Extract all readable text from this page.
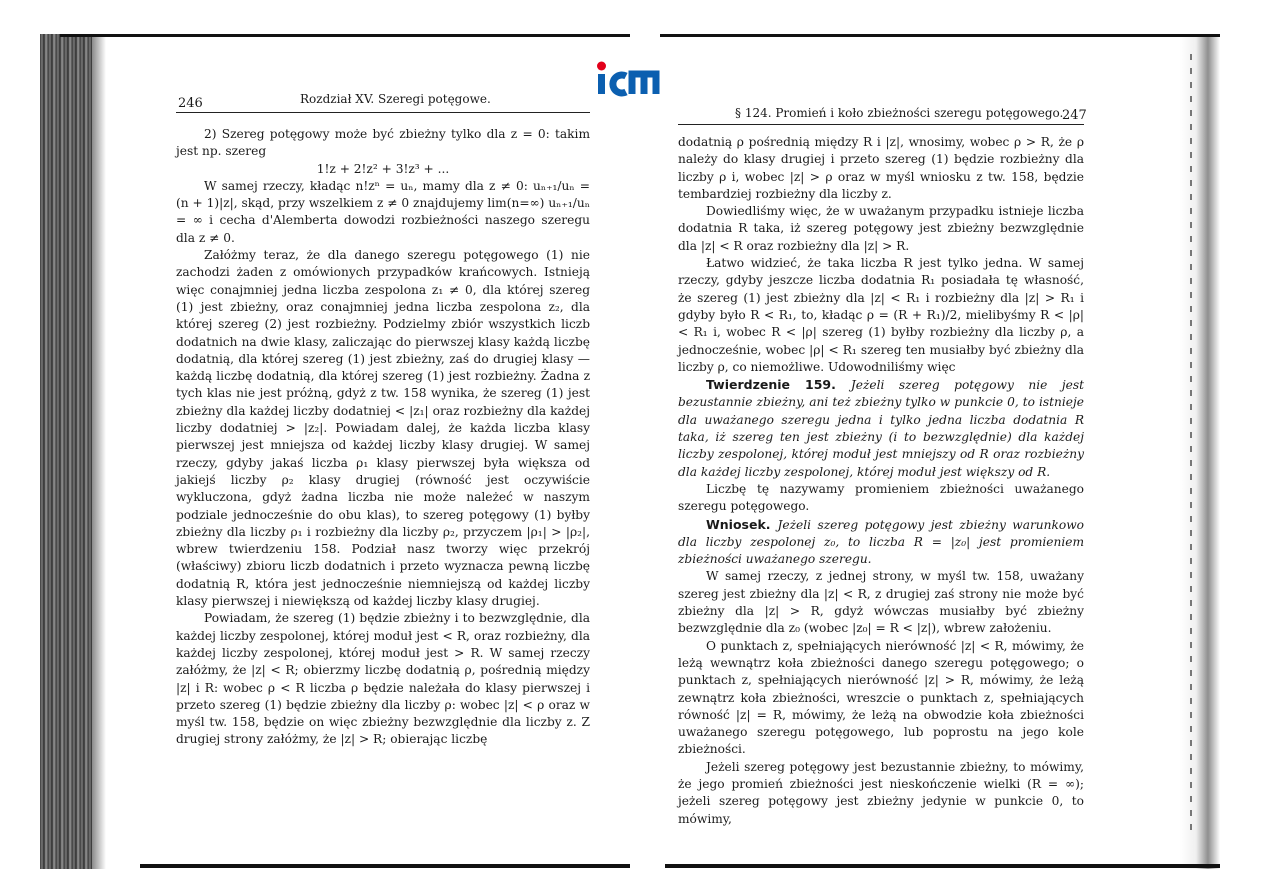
246	Rozdział XV. Szeregi potęgowe.

2) Szereg potęgowy może być zbieżny tylko dla z = 0: takim jest np. szereg

1!z + 2!z² + 3!z³ + ...

W samej rzeczy, kładąc n!zⁿ = uₙ, mamy dla z ≠ 0: uₙ₊₁/uₙ = (n + 1)|z|, skąd, przy wszelkiem z ≠ 0 znajdujemy lim(n=∞) uₙ₊₁/uₙ = ∞ i cecha d'Alemberta dowodzi rozbieżności naszego szeregu dla z ≠ 0.

Załóżmy teraz, że dla danego szeregu potęgowego (1) nie zachodzi żaden z omówionych przypadków krańcowych. Istnieją więc conajmniej jedna liczba zespolona z₁ ≠ 0, dla której szereg (1) jest zbieżny, oraz conajmniej jedna liczba zespolona z₂, dla której szereg (2) jest rozbieżny. Podzielmy zbiór wszystkich liczb dodatnich na dwie klasy, zaliczając do pierwszej klasy każdą liczbę dodatnią, dla której szereg (1) jest zbieżny, zaś do drugiej klasy — każdą liczbę dodatnią, dla której szereg (1) jest rozbieżny. Żadna z tych klas nie jest próżną, gdyż z tw. 158 wynika, że szereg (1) jest zbieżny dla każdej liczby dodatniej < |z₁| oraz rozbieżny dla każdej liczby dodatniej > |z₂|. Powiadam dalej, że każda liczba klasy pierwszej jest mniejsza od każdej liczby klasy drugiej. W samej rzeczy, gdyby jakaś liczba ρ₁ klasy pierwszej była większa od jakiejś liczby ρ₂ klasy drugiej (równość jest oczywiście wykluczona, gdyż żadna liczba nie może należeć w naszym podziale jednocześnie do obu klas), to szereg potęgowy (1) byłby zbieżny dla liczby ρ₁ i rozbieżny dla liczby ρ₂, przyczem |ρ₁| > |ρ₂|, wbrew twierdzeniu 158. Podział nasz tworzy więc przekrój (właściwy) zbioru liczb dodatnich i przeto wyznacza pewną liczbę dodatnią R, która jest jednocześnie niemniejszą od każdej liczby klasy pierwszej i niewiększą od każdej liczby klasy drugiej.

Powiadam, że szereg (1) będzie zbieżny i to bezwzględnie, dla każdej liczby zespolonej, której moduł jest < R, oraz rozbieżny, dla każdej liczby zespolonej, której moduł jest > R. W samej rzeczy załóżmy, że |z| < R; obierzmy liczbę dodatnią ρ, pośrednią między |z| i R: wobec ρ < R liczba ρ będzie należała do klasy pierwszej i przeto szereg (1) będzie zbieżny dla liczby ρ: wobec |z| < ρ oraz w myśl tw. 158, będzie on więc zbieżny bezwzględnie dla liczby z. Z drugiej strony załóżmy, że |z| > R; obierając liczbę

§ 124. Promień i koło zbieżności szeregu potęgowego.
247

dodatnią ρ pośrednią między R i |z|, wnosimy, wobec ρ > R, że ρ należy do klasy drugiej i przeto szereg (1) będzie rozbieżny dla liczby ρ i, wobec |z| > ρ oraz w myśl wniosku z tw. 158, będzie tembardziej rozbieżny dla liczby z.

Dowiedliśmy więc, że w uważanym przypadku istnieje liczba dodatnia R taka, iż szereg potęgowy jest zbieżny bezwzględnie dla |z| < R oraz rozbieżny dla |z| > R.

Łatwo widzieć, że taka liczba R jest tylko jedna. W samej rzeczy, gdyby jeszcze liczba dodatnia R₁ posiadała tę własność, że szereg (1) jest zbieżny dla |z| < R₁ i rozbieżny dla |z| > R₁ i gdyby było R < R₁, to, kładąc ρ = (R + R₁)/2, mielibyśmy R < |ρ| < R₁ i, wobec R < |ρ| szereg (1) byłby rozbieżny dla liczby ρ, a jednocześnie, wobec |ρ| < R₁ szereg ten musiałby być zbieżny dla liczby ρ, co niemożliwe. Udowodniliśmy więc

Twierdzenie 159. Jeżeli szereg potęgowy nie jest bezustannie zbieżny, ani też zbieżny tylko w punkcie 0, to istnieje dla uważanego szeregu jedna i tylko jedna liczba dodatnia R taka, iż szereg ten jest zbieżny (i to bezwzględnie) dla każdej liczby zespolonej, której moduł jest mniejszy od R oraz rozbieżny dla każdej liczby zespolonej, której moduł jest większy od R.

Liczbę tę nazywamy promieniem zbieżności uważanego szeregu potęgowego.

Wniosek. Jeżeli szereg potęgowy jest zbieżny warunkowo dla liczby zespolonej z₀, to liczba R = |z₀| jest promieniem zbieżności uważanego szeregu.

W samej rzeczy, z jednej strony, w myśl tw. 158, uważany szereg jest zbieżny dla |z| < R, z drugiej zaś strony nie może być zbieżny dla |z| > R, gdyż wówczas musiałby być zbieżny bezwzględnie dla z₀ (wobec |z₀| = R < |z|), wbrew założeniu.

O punktach z, spełniających nierówność |z| < R, mówimy, że leżą wewnątrz koła zbieżności danego szeregu potęgowego; o punktach z, spełniających nierówność |z| > R, mówimy, że leżą zewnątrz koła zbieżności, wreszcie o punktach z, spełniających równość |z| = R, mówimy, że leżą na obwodzie koła zbieżności uważanego szeregu potęgowego, lub poprostu na jego kole zbieżności.

Jeżeli szereg potęgowy jest bezustannie zbieżny, to mówimy, że jego promień zbieżności jest nieskończenie wielki (R = ∞); jeżeli szereg potęgowy jest zbieżny jedynie w punkcie 0, to mówimy,
